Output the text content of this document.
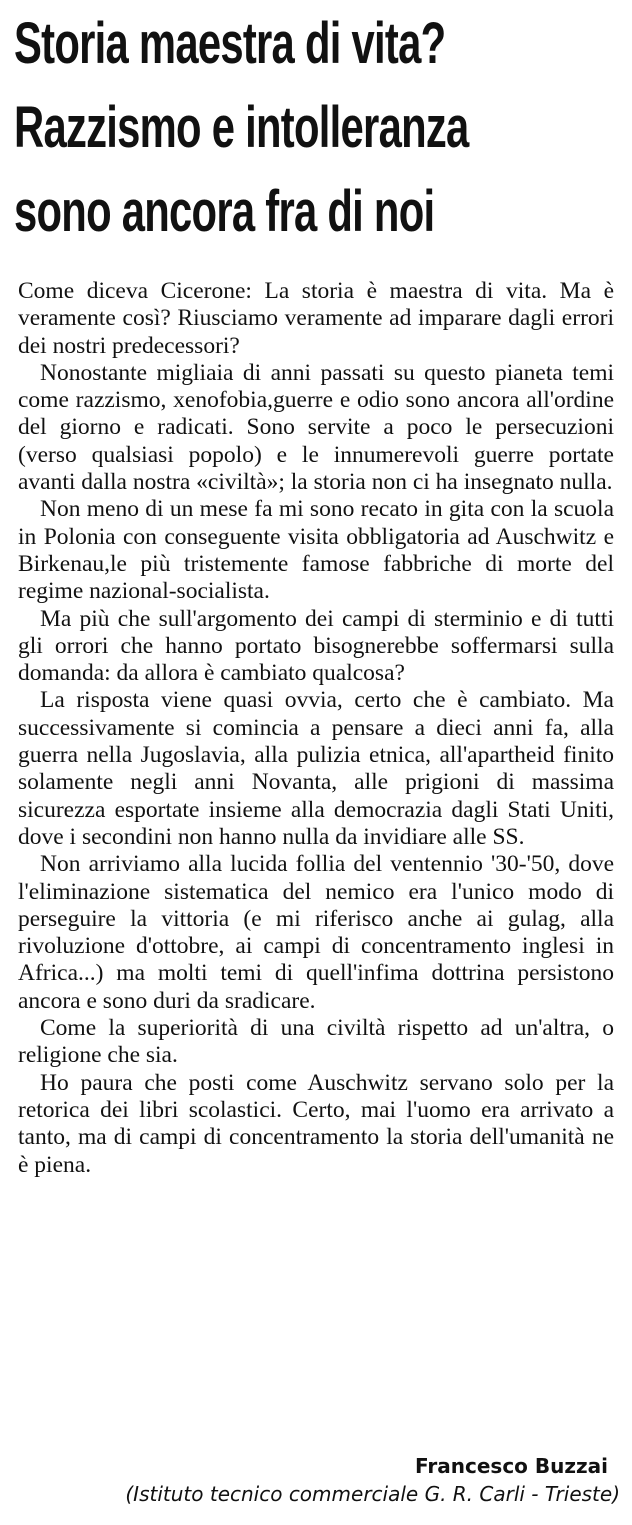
Storia maestra di vita?
Razzismo e intolleranza
sono ancora fra di noi

Come diceva Cicerone: La storia è maestra di vita. Ma è veramente così? Riusciamo veramente ad imparare dagli errori dei nostri predecessori?

Nonostante migliaia di anni passati su questo pianeta temi come razzismo, xenofobia,guerre e odio sono ancora all'ordine del giorno e radicati. Sono servite a poco le persecuzioni (verso qualsiasi popolo) e le innumerevoli guerre portate avanti dalla nostra «civiltà»; la storia non ci ha insegnato nulla.

Non meno di un mese fa mi sono recato in gita con la scuola in Polonia con conseguente visita obbligatoria ad Auschwitz e Birkenau,le più tristemente famose fabbriche di morte del regime nazional-socialista.

Ma più che sull'argomento dei campi di sterminio e di tutti gli orrori che hanno portato bisognerebbe soffermarsi sulla domanda: da allora è cambiato qualcosa?

La risposta viene quasi ovvia, certo che è cambiato. Ma successivamente si comincia a pensare a dieci anni fa, alla guerra nella Jugoslavia, alla pulizia etnica, all'apartheid finito solamente negli anni Novanta, alle prigioni di massima sicurezza esportate insieme alla democrazia dagli Stati Uniti, dove i secondini non hanno nulla da invidiare alle SS.

Non arriviamo alla lucida follia del ventennio '30-'50, dove l'eliminazione sistematica del nemico era l'unico modo di perseguire la vittoria (e mi riferisco anche ai gulag, alla rivoluzione d'ottobre, ai campi di concentramento inglesi in Africa...) ma molti temi di quell'infima dottrina persistono ancora e sono duri da sradicare.

Come la superiorità di una civiltà rispetto ad un'altra, o religione che sia.

Ho paura che posti come Auschwitz servano solo per la retorica dei libri scolastici. Certo, mai l'uomo era arrivato a tanto, ma di campi di concentramento la storia dell'umanità ne è piena.

Francesco Buzzai
(Istituto tecnico commerciale G. R. Carli - Trieste)
